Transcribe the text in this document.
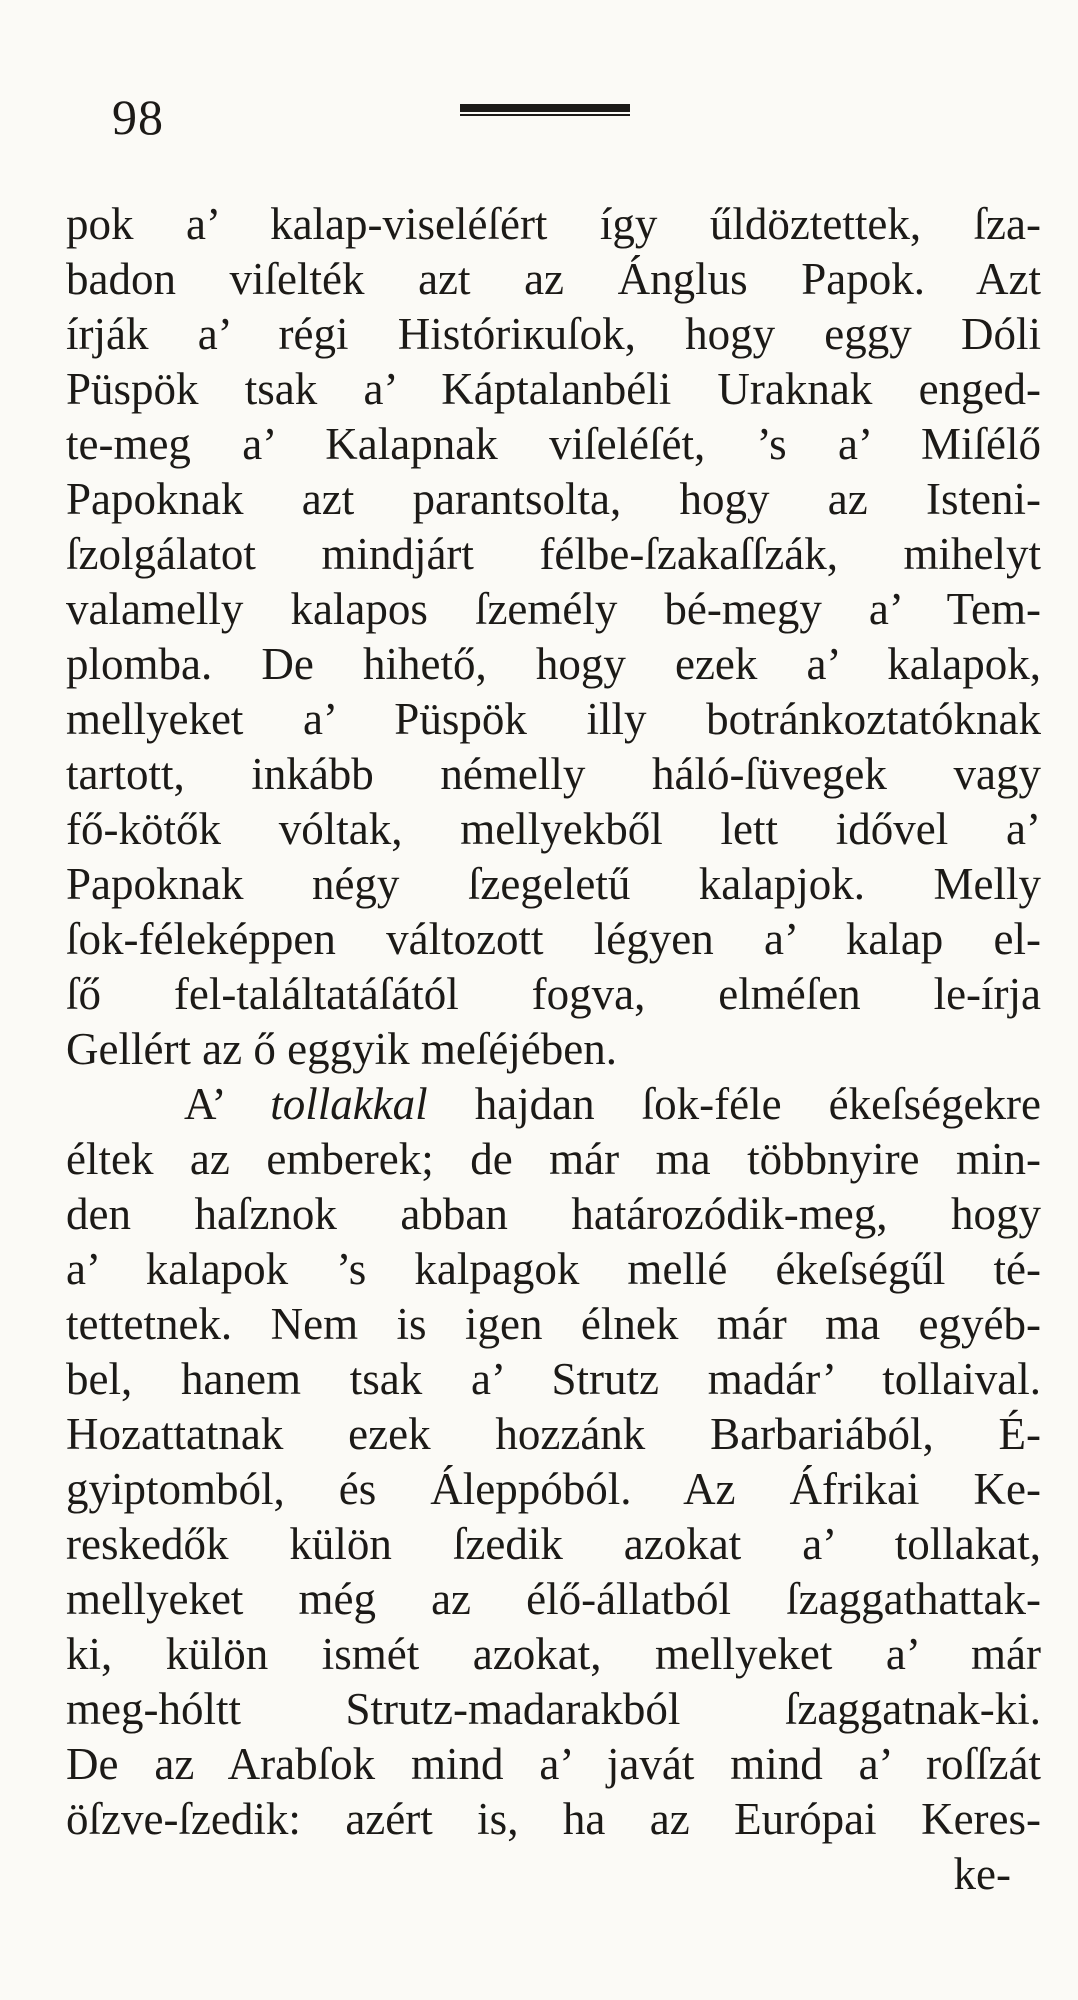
98
pok a’ kalap-viseléſért így űldöztettek, ſza-
badon viſelték azt az Ánglus Papok. Azt
írják a’ régi Históriкuſok, hogy eggy Dóli
Püspök tsak a’ Káptalanbéli Uraknak enged-
te-meg a’ Kalapnak viſeléſét, ’s a’ Miſélő
Papoknak azt parantsolta, hogy az Isteni-
ſzolgálatot mindjárt félbe-ſzakaſſzák, mihelyt
valamelly kalapos ſzemély bé-megy a’ Tem-
plomba. De hihető, hogy ezek a’ kalapok,
mellyeket a’ Püspök illy botránkoztatóknak
tartott, inkább némelly háló-ſüvegek vagy
fő-kötők vóltak, mellyekből lett idővel a’
Papoknak négy ſzegeletű kalapjok. Melly
ſok-féleképpen változott légyen a’ kalap el-
ſő fel-találtatáſától fogva, elméſen le-írja
Gellért az ő eggyik meſéjében.
A’ tollakkal hajdan ſok-féle ékeſségekre
éltek az emberek; de már ma többnyire min-
den haſznok abban határozódik-meg, hogy
a’ kalapok ’s kalpagok mellé ékeſségűl té-
tettetnek. Nem is igen élnek már ma egyéb-
bel, hanem tsak a’ Strutz madár’ tollaival.
Hozattatnak ezek hozzánk Barbariából, É-
gyiptomból, és Áleppóból. Az Áfrikai Ke-
reskedők külön ſzedik azokat a’ tollakat,
mellyeket még az élő-állatból ſzaggathattak-
ki, külön ismét azokat, mellyeket a’ már
meg-hóltt Strutz-madarakból ſzaggatnak-ki.
De az Arabſok mind a’ javát mind a’ roſſzát
öſzve-ſzedik: azért is, ha az Európai Keres-
ke-
